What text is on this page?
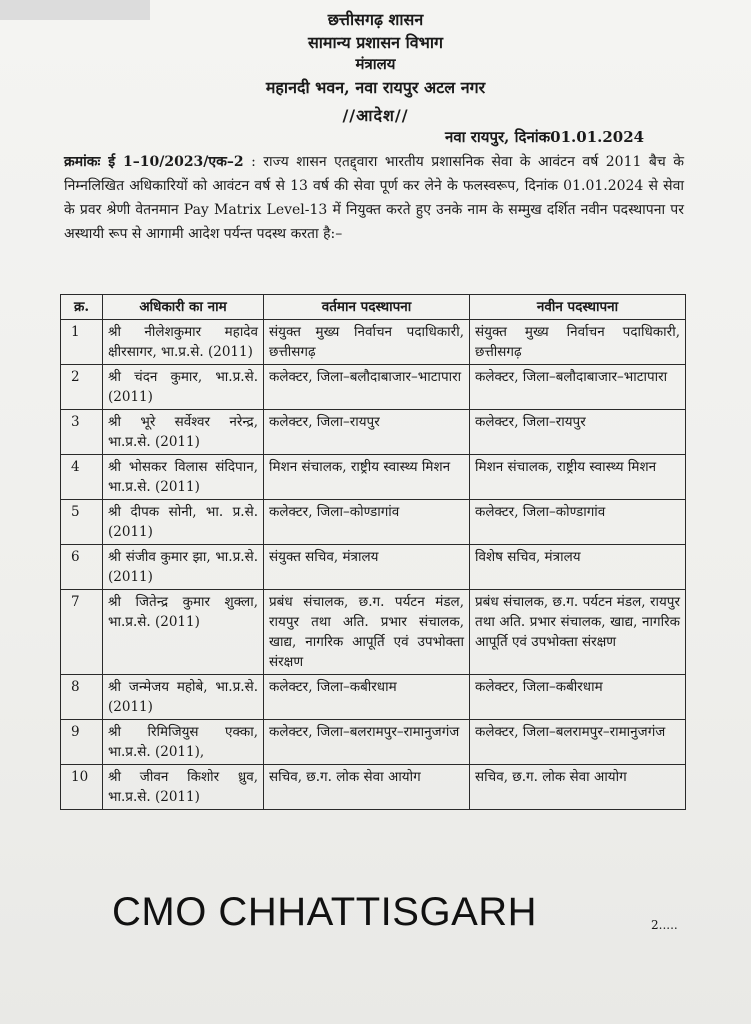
छत्तीसगढ़ शासन
सामान्य प्रशासन विभाग
मंत्रालय
महानदी भवन, नवा रायपुर अटल नगर
//आदेश//
नवा रायपुर, दिनांक01.01.2024
क्रमांकः ई 1–10/2023/एक–2 : राज्य शासन एतद्द्वारा भारतीय प्रशासनिक सेवा के आवंटन वर्ष 2011 बैच के निम्नलिखित अधिकारियों को आवंटन वर्ष से 13 वर्ष की सेवा पूर्ण कर लेने के फलस्वरूप, दिनांक 01.01.2024 से सेवा के प्रवर श्रेणी वेतनमान Pay Matrix Level-13 में नियुक्त करते हुए उनके नाम के सम्मुख दर्शित नवीन पदस्थापना पर अस्थायी रूप से आगामी आदेश पर्यन्त पदस्थ करता है:–
क्र.	अधिकारी का नाम	वर्तमान पदस्थापना	नवीन पदस्थापना
1	श्री नीलेशकुमार महादेव क्षीरसागर, भा.प्र.से. (2011)	संयुक्त मुख्य निर्वाचन पदाधिकारी, छत्तीसगढ़	संयुक्त मुख्य निर्वाचन पदाधिकारी, छत्तीसगढ़
2	श्री चंदन कुमार, भा.प्र.से. (2011)	कलेक्टर, जिला–बलौदाबाजार–भाटापारा	कलेक्टर, जिला–बलौदाबाजार–भाटापारा
3	श्री भूरे सर्वेश्वर नरेन्द्र, भा.प्र.से. (2011)	कलेक्टर, जिला–रायपुर	कलेक्टर, जिला–रायपुर
4	श्री भोसकर विलास संदिपान, भा.प्र.से. (2011)	मिशन संचालक, राष्ट्रीय स्वास्थ्य मिशन	मिशन संचालक, राष्ट्रीय स्वास्थ्य मिशन
5	श्री दीपक सोनी, भा. प्र.से. (2011)	कलेक्टर, जिला–कोण्डागांव	कलेक्टर, जिला–कोण्डागांव
6	श्री संजीव कुमार झा, भा.प्र.से. (2011)	संयुक्त सचिव, मंत्रालय	विशेष सचिव, मंत्रालय
7	श्री जितेन्द्र कुमार शुक्ला, भा.प्र.से. (2011)	प्रबंध संचालक, छ.ग. पर्यटन मंडल, रायपुर तथा अति. प्रभार संचालक, खाद्य, नागरिक आपूर्ति एवं उपभोक्ता संरक्षण	प्रबंध संचालक, छ.ग. पर्यटन मंडल, रायपुर तथा अति. प्रभार संचालक, खाद्य, नागरिक आपूर्ति एवं उपभोक्ता संरक्षण
8	श्री जन्मेजय महोबे, भा.प्र.से. (2011)	कलेक्टर, जिला–कबीरधाम	कलेक्टर, जिला–कबीरधाम
9	श्री रिमिजियुस एक्का, भा.प्र.से. (2011),	कलेक्टर, जिला–बलरामपुर–रामानुजगंज	कलेक्टर, जिला–बलरामपुर–रामानुजगंज
10	श्री जीवन किशोर ध्रुव, भा.प्र.से. (2011)	सचिव, छ.ग. लोक सेवा आयोग	सचिव, छ.ग. लोक सेवा आयोग
CMO CHHATTISGARH	2.....
